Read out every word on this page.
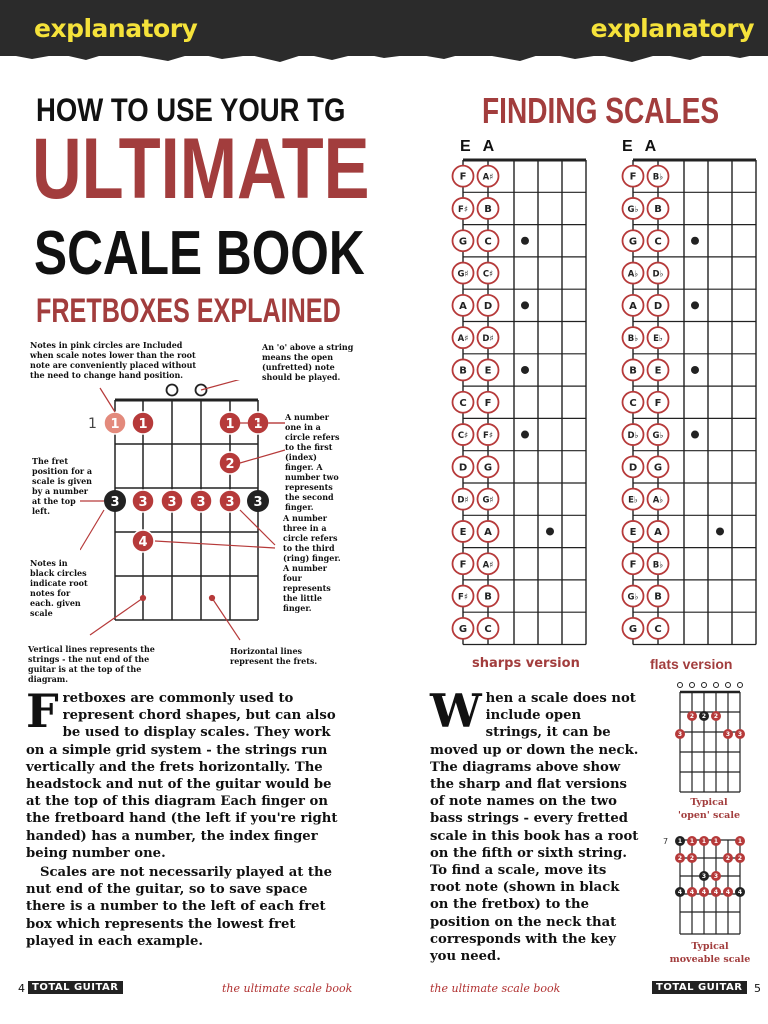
explanatory	explanatory
HOW TO USE YOUR TG
ULTIMATE
SCALE BOOK
FRETBOXES EXPLAINED
1 1 1	1 1
2
3 3 3 3 3 3
4
Notes in pink circles are Included when scale notes lower than the root note are conveniently placed without the need to change hand position.
An 'o' above a string means the open (unfretted) note should be played.
The fret position for a scale is given by a number at the top left.
A number one in a circle refers to the first (index) finger. A number two represents the second finger.
A number three in a circle refers to the third (ring) finger. A number four represents the little finger.
Notes in black circles indicate root notes for each. given scale
Vertical lines represents the strings - the nut end of the guitar is at the top of the diagram.
Horizontal lines represent the frets.
Fretboxes are commonly used to represent chord shapes, but can also be used to display scales. They work on a simple grid system - the strings run vertically and the frets horizontally. The headstock and nut of the guitar would be at the top of this diagram Each finger on the fretboard hand (the left if you're right handed) has a number, the index finger being number one.
Scales are not necessarily played at the nut end of the guitar, so to save space there is a number to the left of each fret box which represents the lowest fret played in each example.
FINDING SCALES
E A
F A♯
F♯ B
G C
G♯ C♯
A D
A♯ D♯
B E
C F
C♯ F♯
D G
D♯ G♯
E A
F A♯
F♯ B
G C
sharps version
E A
F B♭
G♭ B
G C
A♭ D♭
A D
B♭ E♭
B E
C F
D♭ G♭
D G
E♭ A♭
E A
F B♭
G♭ B
G C
flats version
When a scale does not include open strings, it can be moved up or down the neck. The diagrams above show the sharp and flat versions of note names on the two bass strings - every fretted scale in this book has a root on the fifth or sixth string. To find a scale, move its root note (shown in black on the fretbox) to the position on the neck that corresponds with the key you need.
2 2 2
3	3 3
Typical
'open' scale
7 1 1 1 1	1
2 2	2 2
3 3
4 4 4 4 4 4
Typical
moveable scale
4 TOTAL GUITAR	the ultimate scale book	the ultimate scale book	TOTAL GUITAR	5
